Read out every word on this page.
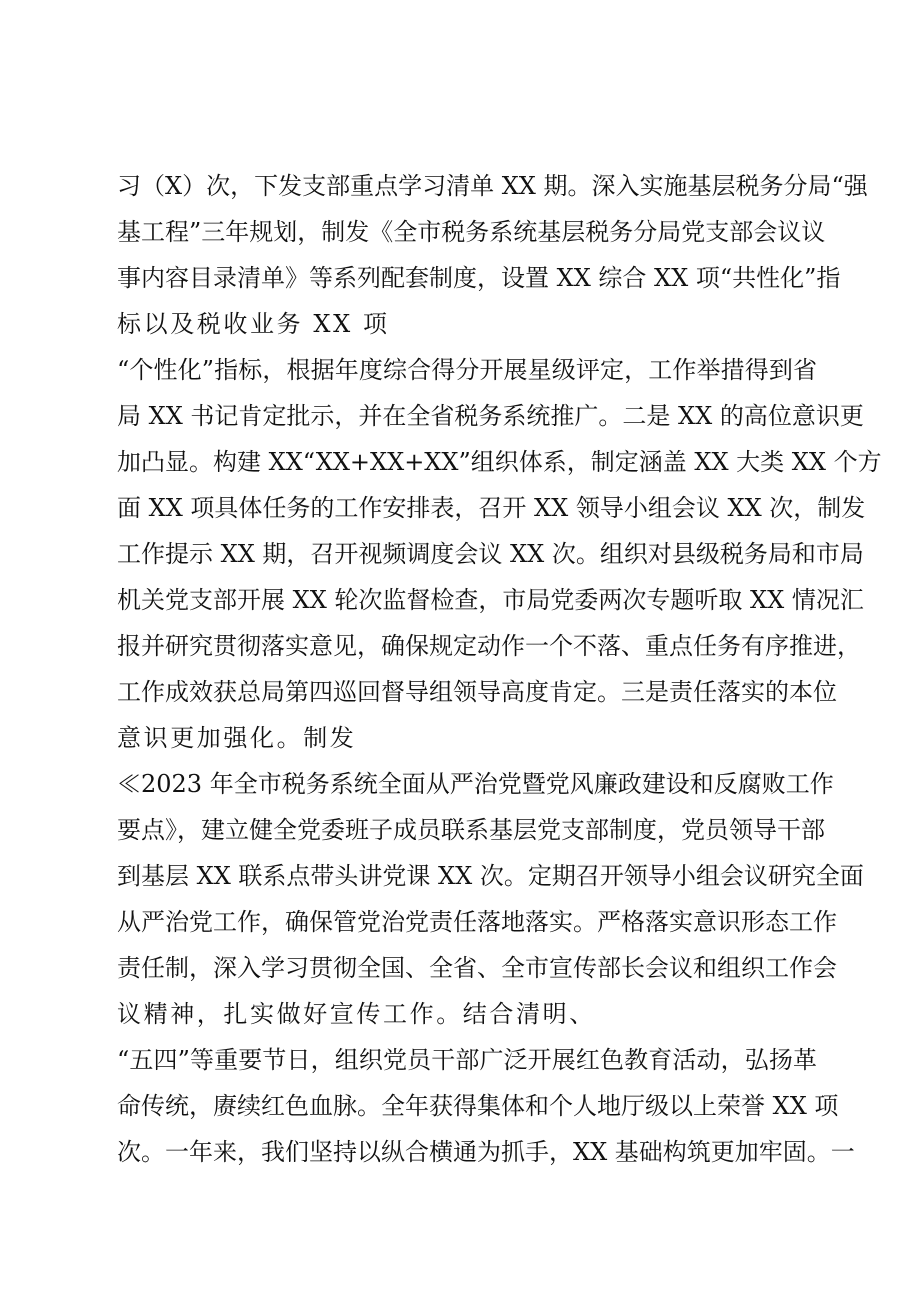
习（X）次，下发支部重点学习清单 XX 期。深入实施基层税务分局“强
基工程”三年规划，制发《全市税务系统基层税务分局党支部会议议
事内容目录清单》等系列配套制度，设置 XX 综合 XX 项“共性化”指
标以及税收业务 XX 项
“个性化”指标，根据年度综合得分开展星级评定，工作举措得到省
局 XX 书记肯定批示，并在全省税务系统推广。二是 XX 的高位意识更
加凸显。构建 XX“XX+XX+XX”组织体系，制定涵盖 XX 大类 XX 个方
面 XX 项具体任务的工作安排表，召开 XX 领导小组会议 XX 次，制发
工作提示 XX 期，召开视频调度会议 XX 次。组织对县级税务局和市局
机关党支部开展 XX 轮次监督检查，市局党委两次专题听取 XX 情况汇
报并研究贯彻落实意见，确保规定动作一个不落、重点任务有序推进，
工作成效获总局第四巡回督导组领导高度肯定。三是责任落实的本位
意识更加强化。制发
≪2023 年全市税务系统全面从严治党暨党风廉政建设和反腐败工作
要点》，建立健全党委班子成员联系基层党支部制度，党员领导干部
到基层 XX 联系点带头讲党课 XX 次。定期召开领导小组会议研究全面
从严治党工作，确保管党治党责任落地落实。严格落实意识形态工作
责任制，深入学习贯彻全国、全省、全市宣传部长会议和组织工作会
议精神，扎实做好宣传工作。结合清明、
“五四”等重要节日，组织党员干部广泛开展红色教育活动，弘扬革
命传统，赓续红色血脉。全年获得集体和个人地厅级以上荣誉 XX 项
次。一年来，我们坚持以纵合横通为抓手，XX 基础构筑更加牢固。一
